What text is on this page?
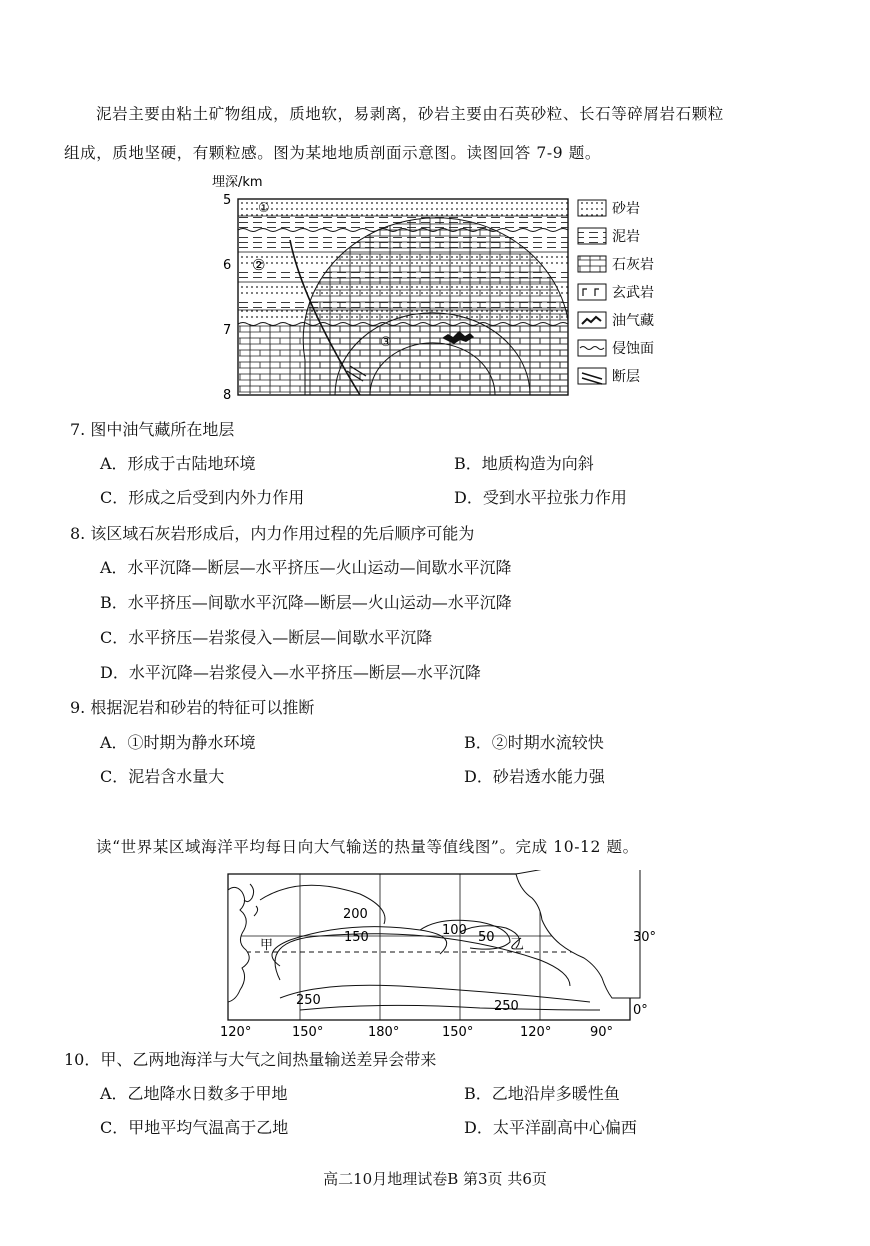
泥岩主要由粘土矿物组成，质地软，易剥离，砂岩主要由石英砂粒、长石等碎屑岩石颗粒
组成，质地坚硬，有颗粒感。图为某地地质剖面示意图。读图回答 7-9 题。
埋深/km
5
6
7
8
①
②
③
砂岩
泥岩
石灰岩
玄武岩
油气藏
侵蚀面
断层
7. 图中油气藏所在地层
A．形成于古陆地环境	B．地质构造为向斜
C．形成之后受到内外力作用	D．受到水平拉张力作用
8. 该区域石灰岩形成后，内力作用过程的先后顺序可能为
A．水平沉降—断层—水平挤压—火山运动—间歇水平沉降
B．水平挤压—间歇水平沉降—断层—火山运动—水平沉降
C．水平挤压—岩浆侵入—断层—间歇水平沉降
D．水平沉降—岩浆侵入—水平挤压—断层—水平沉降
9. 根据泥岩和砂岩的特征可以推断
A．①时期为静水环境	B．②时期水流较快
C．泥岩含水量大	D．砂岩透水能力强
读“世界某区域海洋平均每日向大气输送的热量等值线图”。完成 10-12 题。
200
150	100 50
250	250
甲	乙	30°
0°
120°	150°	180°	150°	120°	90°
10．甲、乙两地海洋与大气之间热量输送差异会带来
A．乙地降水日数多于甲地	B．乙地沿岸多暖性鱼
C．甲地平均气温高于乙地	D．太平洋副高中心偏西
高二10月地理试卷B 第3页 共6页
